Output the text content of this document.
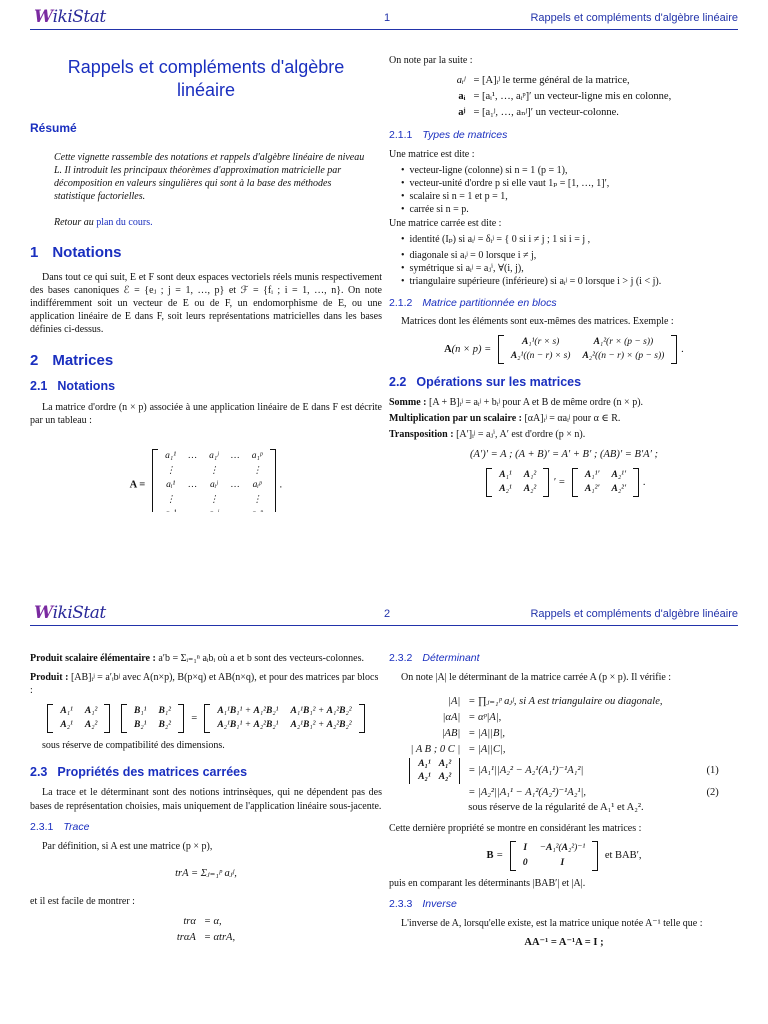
WikiStat	1	Rappels et compléments d'algèbre linéaire
Rappels et compléments d'algèbre linéaire
Résumé
Cette vignette rassemble des notations et rappels d'algèbre linéaire de niveau L. Il introduit les principaux théorèmes d'approximation matricielle par décomposition en valeurs singulières qui sont à la base des méthodes statistique factorielles.
Retour au plan du cours.
1 Notations

Dans tout ce qui suit, E et F sont deux espaces vectoriels réels munis respectivement des bases canoniques ℰ = {eⱼ ; j = 1, …, p} et ℱ = {fᵢ ; i = 1, …, n}. On note indifféremment soit un vecteur de E ou de F, un endomorphisme de E, ou une application linéaire de E dans F, soit leurs représentations matricielles dans les bases définies ci-dessus.

2 Matrices
2.1 Notations

La matrice d'ordre (n × p) associée à une application linéaire de E dans F est décrite par un tableau :

A =
a₁¹	…	a₁ʲ	…	a₁ᵖ
⋮		⋮		⋮
aᵢ¹	…	aᵢʲ	…	aᵢᵖ
⋮		⋮		⋮

.

On note par la suite :

aᵢʲ	= [A]ᵢʲ le terme général de la matrice,
aᵢ	= [aᵢ¹, …, aᵢᵖ]′ un vecteur-ligne mis en colonne,
aʲ	= [a₁ʲ, …, aₙʲ]′ un vecteur-colonne.
2.1.1 Types de matrices

Une matrice est dite :

• vecteur-ligne (colonne) si n = 1 (p = 1),
• vecteur-unité d'ordre p si elle vaut 1ₚ = [1, …, 1]′,
• scalaire si n = 1 et p = 1,
• carrée si n = p.

Une matrice carrée est dite :

• identité (Iₚ) si aᵢʲ = δᵢʲ = { 0 si i ≠ j ; 1 si i = j ,
• diagonale si aᵢʲ = 0 lorsque i ≠ j,
• symétrique si aᵢʲ = aⱼⁱ, ∀(i, j),
• triangulaire supérieure (inférieure) si aᵢʲ = 0 lorsque i > j (i < j).
2.1.2 Matrice partitionnée en blocs

Matrices dont les éléments sont eux-mêmes des matrices. Exemple :

A(n × p) =
A₁¹(r × s)	A₁²(r × (p − s))
A₂¹((n − r) × s)	A₂²((n − r) × (p − s))
.
2.2 Opérations sur les matrices

Somme : [A + B]ᵢʲ = aᵢʲ + bᵢʲ pour A et B de même ordre (n × p).

Multiplication par un scalaire : [αA]ᵢʲ = αaᵢʲ pour α ∈ R.

Transposition : [A′]ᵢʲ = aⱼⁱ, A′ est d'ordre (p × n).

(A′)′ = A ; (A + B)′ = A′ + B′ ; (AB)′ = B′A′ ;
A₁¹	A₁²
A₂¹	A₂²
′ =
A₁¹′	A₂¹′
A₁²′	A₂²′
.
WikiStat	2	Rappels et compléments d'algèbre linéaire

Produit scalaire élémentaire : a′b = Σᵢ₌₁ⁿ aᵢbᵢ où a et b sont des vecteurs-colonnes.

Produit : [AB]ᵢʲ = a′ᵢbʲ avec A(n×p), B(p×q) et AB(n×q), et pour des matrices par blocs :

A₁¹	A₁²
A₂¹	A₂²

B₁¹	B₁²
B₂¹	B₂²
=
A₁¹B₁¹ + A₁²B₂¹	A₁¹B₁² + A₁²B₂²
A₂¹B₁¹ + A₂²B₂¹	A₂¹B₁² + A₂²B₂²

sous réserve de compatibilité des dimensions.

2.3 Propriétés des matrices carrées

La trace et le déterminant sont des notions intrinsèques, qui ne dépendent pas des bases de représentation choisies, mais uniquement de l'application linéaire sous-jacente.

2.3.1 Trace

Par définition, si A est une matrice (p × p),

trA = Σⱼ₌₁ᵖ aⱼʲ,

et il est facile de montrer :

trα	= α,
trαA	= αtrA,
2.3.2 Déterminant

On note |A| le déterminant de la matrice carrée A (p × p). Il vérifie :

|A|	= ∏ⱼ₌₁ᵖ aⱼʲ, si A est triangulaire ou diagonale,
|αA|	= αᵖ|A|,
|AB|	= |A||B|,
| A B ; 0 C |	= |A||C|,

A₁¹	A₁²
A₂¹	A₂²
	= |A₁¹||A₂² − A₂¹(A₁¹)⁻¹A₁²|	(1)
	= |A₂²||A₁¹ − A₁²(A₂²)⁻¹A₂¹|,	(2)
	sous réserve de la régularité de A₁¹ et A₂².	

Cette dernière propriété se montre en considérant les matrices :

B =
I	−A₁²(A₂²)⁻¹
0	I
et BAB′,

puis en comparant les déterminants |BAB′| et |A|.

2.3.3 Inverse

L'inverse de A, lorsqu'elle existe, est la matrice unique notée A⁻¹ telle que :

AA⁻¹ = A⁻¹A = I ;
